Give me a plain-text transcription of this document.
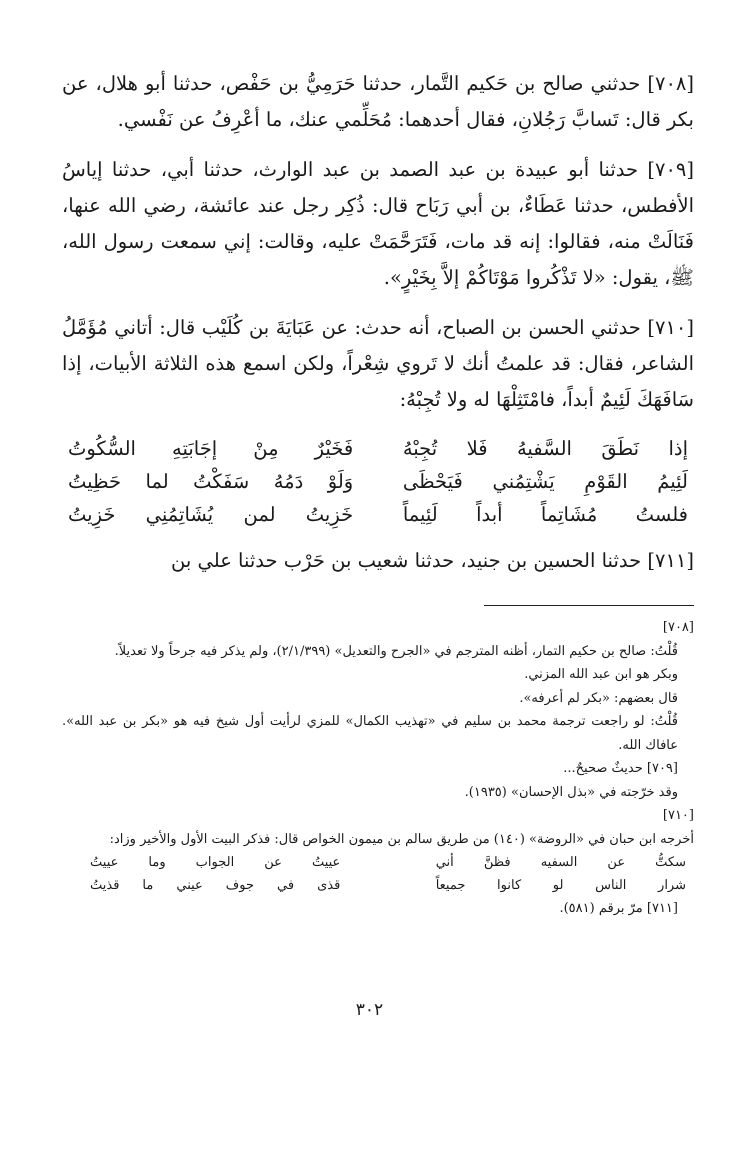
[٧٠٨] حدثني صالح بن حَكيم التَّمار، حدثنا حَرَمِيُّ بن حَفْص، حدثنا أبو هلال، عن بكر قال: تَسابَّ رَجُلانِ، فقال أحدهما: مُحَلِّمي عنك، ما أعْرِفُ عن نَفْسي.

[٧٠٩] حدثنا أبو عبيدة بن عبد الصمد بن عبد الوارث، حدثنا أبي، حدثنا إياسُ الأفطس، حدثنا عَطَاءٌ، بن أبي رَبَاح قال: ذُكِر رجل عند عائشة، رضي الله عنها، فَنَالَتْ منه، فقالوا: إنه قد مات، فَتَرَحَّمَتْ عليه، وقالت: إني سمعت رسول الله، ﷺ، يقول: «لا تَذْكُروا مَوْتَاكُمْ إلاَّ بِخَيْرٍ».

[٧١٠] حدثني الحسن بن الصباح، أنه حدث: عن عَبَايَةَ بن كُلَيْب قال: أتاني مُؤَمَّلُ الشاعر، فقال: قد علمتُ أنك لا تَروي شِعْراً، ولكن اسمع هذه الثلاثة الأبيات، إذا سَافَهَكَ لَئِيمٌ أبداً، فامْتَثِلْهَا له ولا تُجِبْهُ:

إذا نَطَقَ السَّفيهُ فَلا تُجِبْهُ
فَخَيْرٌ مِنْ إجَابَتِهِ السُّكُوتُ
لَئِيمُ القَوْمِ يَشْتِمُني فَيَحْظَى
وَلَوْ دَمُهُ سَفَكْتُ لما حَظِيتُ
فلستُ مُشَاتِماً أبداً لَئِيماً
خَزِيتُ لمن يُشَاتِمُنِي خَزِيتُ

[٧١١] حدثنا الحسين بن جنيد، حدثنا شعيب بن حَرْب حدثنا علي بن

[٧٠٨]

قُلْتُ: صالح بن حكيم التمار، أظنه المترجم في «الجرح والتعديل» (٢/١/٣٩٩)، ولم يذكر فيه جرحاً ولا تعديلاً.

وبكر هو ابن عبد الله المزني.

قال بعضهم: «بكر لم أعرفه».

قُلْتُ: لو راجعت ترجمة محمد بن سليم في «تهذيب الكمال» للمزي لرأيت أول شيخ فيه هو «بكر بن عبد الله». عافاك الله.

[٧٠٩] حديثٌ صحيحٌ...

وقد خرّجته في «بذل الإحسان» (١٩٣٥).

[٧١٠]

أخرجه ابن حبان في «الروضة» (١٤٠) من طريق سالم بن ميمون الخواص قال: فذكر البيت الأول والأخير وزاد:

سكتُّ عن السفيه فظنَّ أني
عييتُ عن الجواب وما عييتُ
شرار الناس لو كانوا جميعاً
قذى في جوف عيني ما قذيتُ

[٧١١] مرّ برقم (٥٨١).

٣٠٢
